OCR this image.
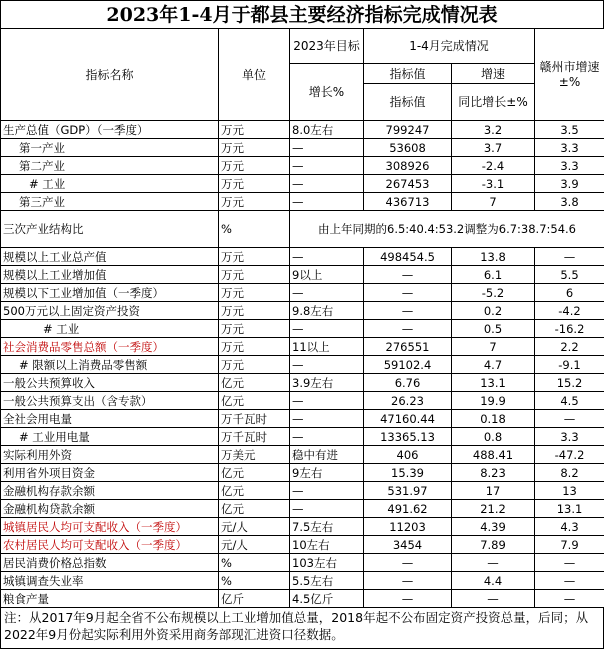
2023年1-4月于都县主要经济指标完成情况表
指标名称	单位	2023年目标	1-4月完成情况		赣州市增速±%
		增长%	指标值	增速	
			指标值	同比增长±%	
生产总值（GDP）（一季度）	万元	8.0左右	799247	3.2	3.5
第一产业	万元	—	53608	3.7	3.3
第二产业	万元	—	308926	-2.4	3.3
# 工业	万元	—	267453	-3.1	3.9
第三产业	万元	—	436713	7	3.8
三次产业结构比	%	由上年同期的6.5:40.4:53.2调整为6.7:38.7:54.6			
规模以上工业总产值	万元	—	498454.5	13.8	—
规模以上工业增加值	万元	9以上	—	6.1	5.5
规模以下工业增加值（一季度）	万元	—	—	-5.2	6
500万元以上固定资产投资	万元	9.8左右	—	0.2	-4.2
# 工业	万元	—	—	0.5	-16.2
社会消费品零售总额（一季度）	万元	11以上	276551	7	2.2
# 限额以上消费品零售额	万元	—	59102.4	4.7	-9.1
一般公共预算收入	亿元	3.9左右	6.76	13.1	15.2
一般公共预算支出（含专款）	亿元	—	26.23	19.9	4.5
全社会用电量	万千瓦时	—	47160.44	0.18	—
# 工业用电量	万千瓦时	—	13365.13	0.8	3.3
实际利用外资	万美元	稳中有进	406	488.41	-47.2
利用省外项目资金	亿元	9左右	15.39	8.23	8.2
金融机构存款余额	亿元	—	531.97	17	13
金融机构贷款余额	亿元	—	491.62	21.2	13.1
城镇居民人均可支配收入（一季度）	元/人	7.5左右	11203	4.39	4.3
农村居民人均可支配收入（一季度）	元/人	10左右	3454	7.89	7.9
居民消费价格总指数	%	103左右	—	—	—
城镇调查失业率	%	5.5左右	—	4.4	—
粮食产量	亿斤	4.5亿斤	—	—	—
注：从2017年9月起全省不公布规模以上工业增加值总量，2018年起不公布固定资产投资总量，后同；从2022年9月份起实际利用外资采用商务部现汇进资口径数据。
